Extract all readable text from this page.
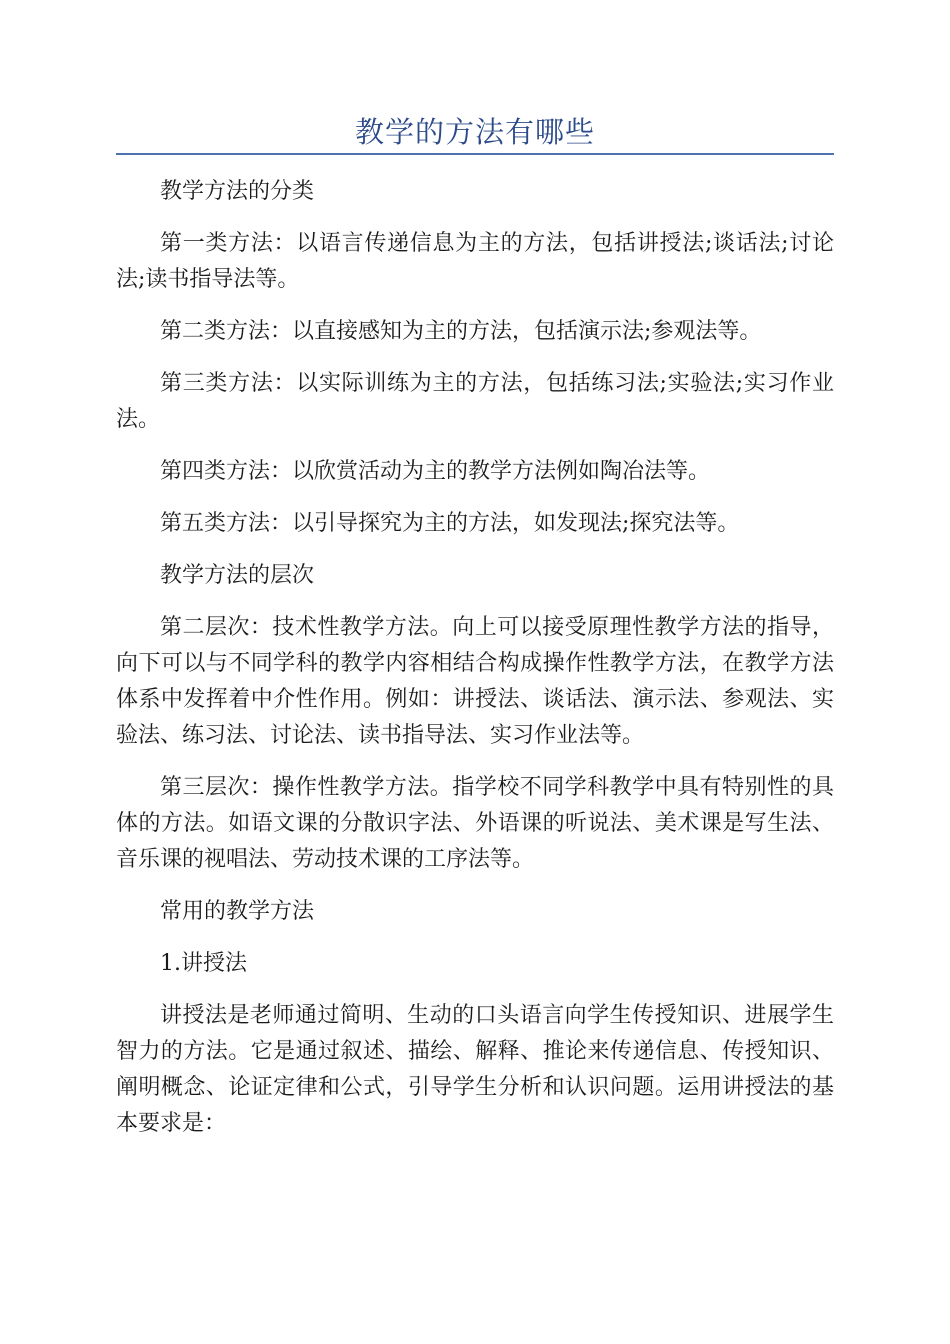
教学的方法有哪些

教学方法的分类

第一类方法：以语言传递信息为主的方法，包括讲授法;谈话法;讨论法;读书指导法等。

第二类方法：以直接感知为主的方法，包括演示法;参观法等。

第三类方法：以实际训练为主的方法，包括练习法;实验法;实习作业法。

第四类方法：以欣赏活动为主的教学方法例如陶冶法等。

第五类方法：以引导探究为主的方法，如发现法;探究法等。

教学方法的层次

第二层次：技术性教学方法。向上可以接受原理性教学方法的指导，向下可以与不同学科的教学内容相结合构成操作性教学方法，在教学方法体系中发挥着中介性作用。例如：讲授法、谈话法、演示法、参观法、实验法、练习法、讨论法、读书指导法、实习作业法等。

第三层次：操作性教学方法。指学校不同学科教学中具有特别性的具体的方法。如语文课的分散识字法、外语课的听说法、美术课是写生法、音乐课的视唱法、劳动技术课的工序法等。

常用的教学方法

1.讲授法

讲授法是老师通过简明、生动的口头语言向学生传授知识、进展学生智力的方法。它是通过叙述、描绘、解释、推论来传递信息、传授知识、阐明概念、论证定律和公式，引导学生分析和认识问题。运用讲授法的基本要求是：
